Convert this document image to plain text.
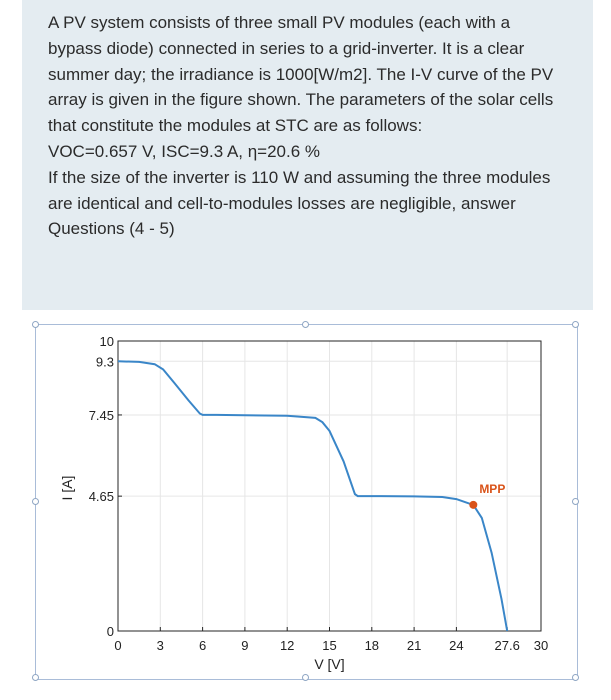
A PV system consists of three small PV modules (each with a bypass diode) connected in series to a grid-inverter. It is a clear summer day; the irradiance is 1000[W/m2]. The I-V curve of the PV array is given in the figure shown. The parameters of the solar cells that constitute the modules at STC are as follows:

VOC=0.657 V, ISC=9.3 A, η=20.6 %

If the size of the inverter is 110 W and assuming the three modules are identical and cell-to-modules losses are negligible, answer Questions (4 - 5)

0	3	6	9 12 15 18 21 24 27.6 30
0
4.65
7.45
9.3
10
MPP
V [V]
I [A]
